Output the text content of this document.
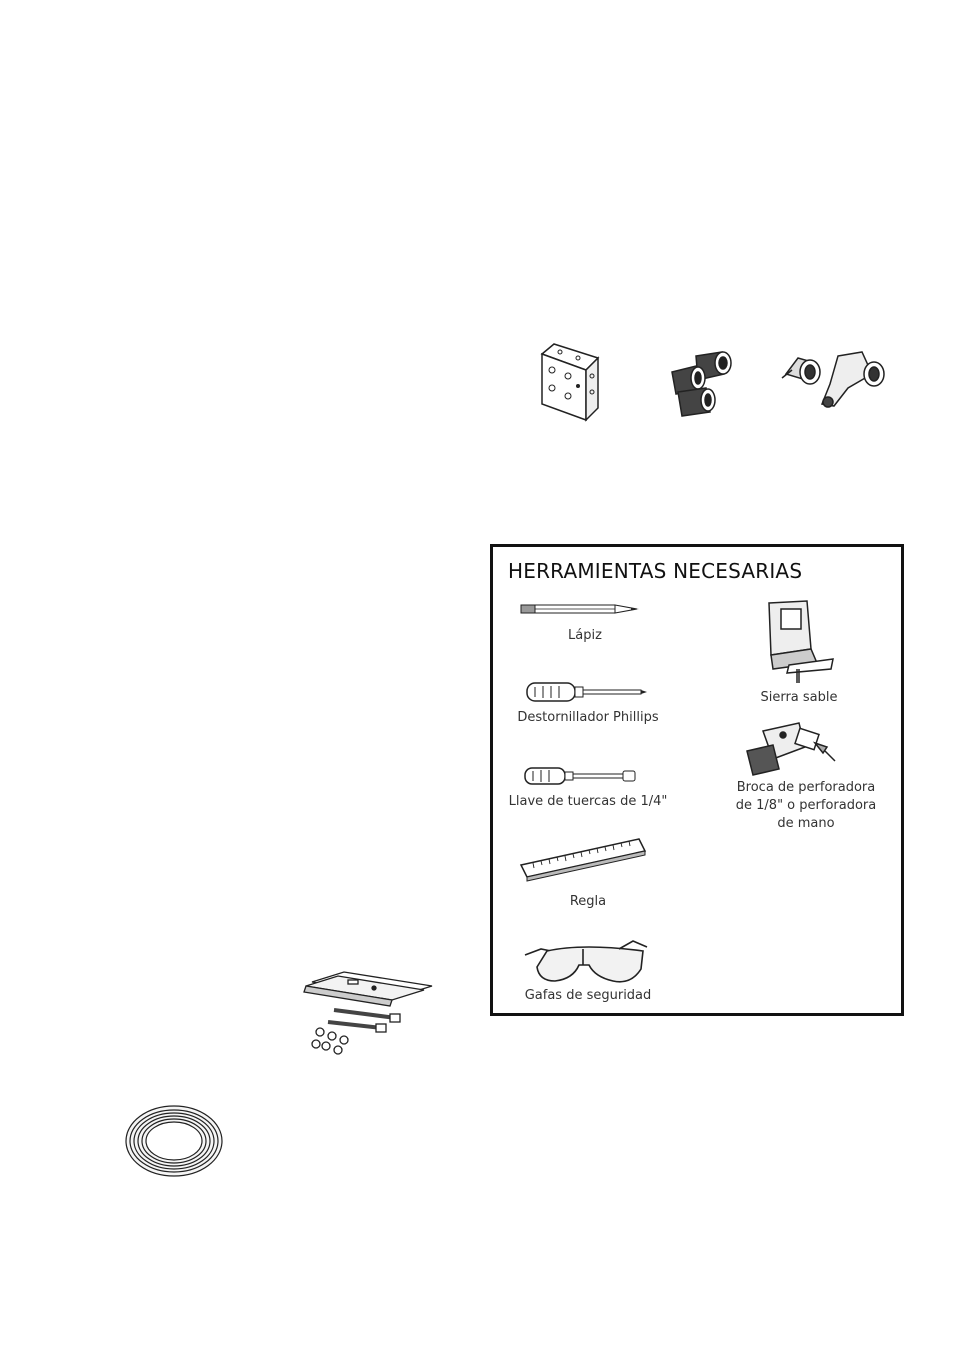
HERRAMIENTAS NECESARIAS
Lápiz
Destornillador Phillips
Llave de tuercas de 1/4"
Regla
Gafas de seguridad
Sierra sable
Broca de perforadora de 1/8" o perforadora de mano
